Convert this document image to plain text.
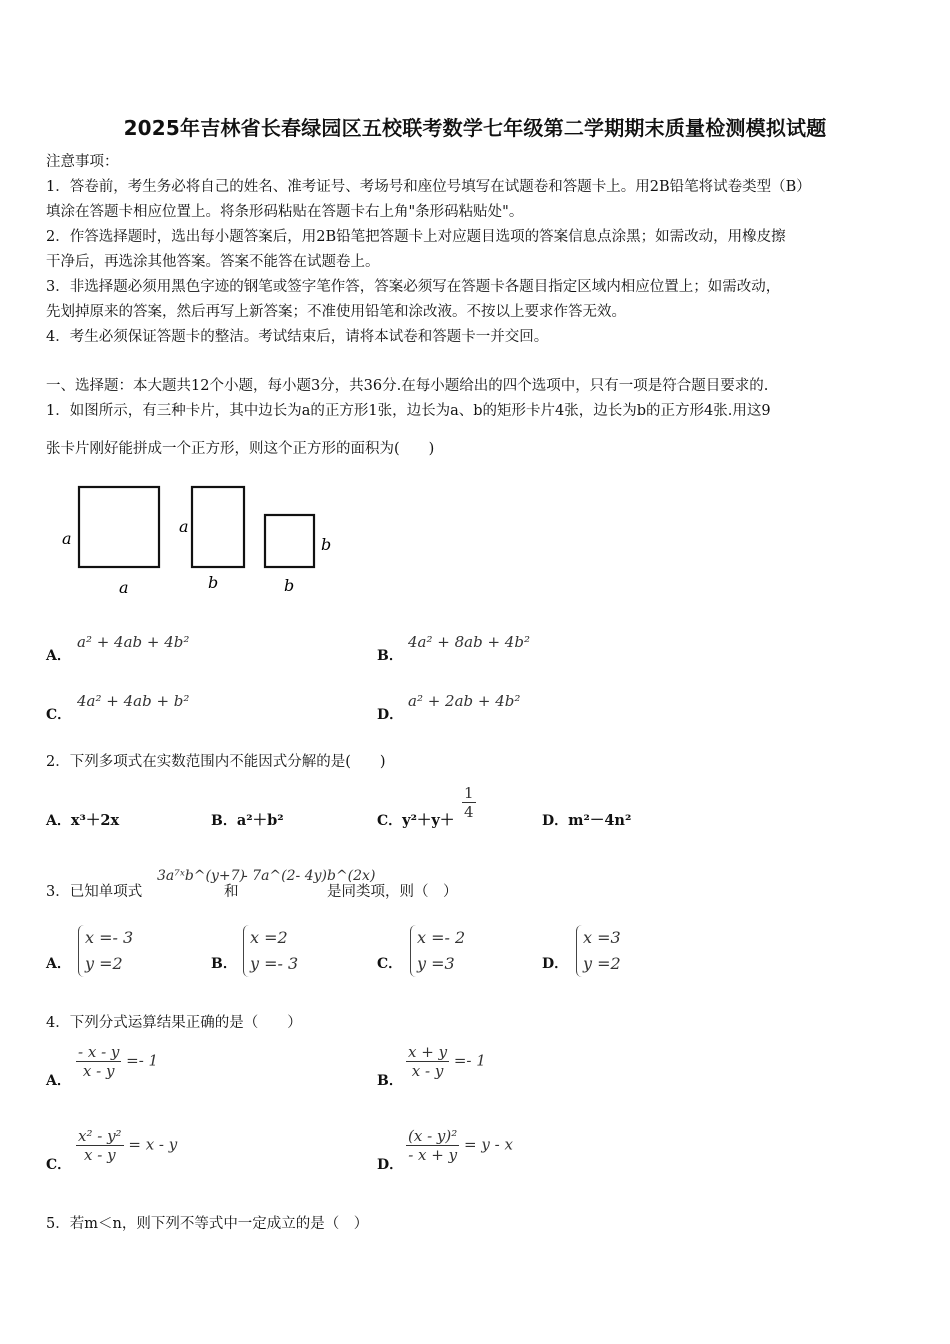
2025年吉林省长春绿园区五校联考数学七年级第二学期期末质量检测模拟试题
注意事项：
1．答卷前，考生务必将自己的姓名、准考证号、考场号和座位号填写在试题卷和答题卡上。用2B铅笔将试卷类型（B）
填涂在答题卡相应位置上。将条形码粘贴在答题卡右上角"条形码粘贴处"。
2．作答选择题时，选出每小题答案后，用2B铅笔把答题卡上对应题目选项的答案信息点涂黑；如需改动，用橡皮擦
干净后，再选涂其他答案。答案不能答在试题卷上。
3．非选择题必须用黑色字迹的钢笔或签字笔作答，答案必须写在答题卡各题目指定区域内相应位置上；如需改动，
先划掉原来的答案，然后再写上新答案；不准使用铅笔和涂改液。不按以上要求作答无效。
4．考生必须保证答题卡的整洁。考试结束后，请将本试卷和答题卡一并交回。
一、选择题：本大题共12个小题，每小题3分，共36分.在每小题给出的四个选项中，只有一项是符合题目要求的.
1．如图所示，有三种卡片，其中边长为a的正方形1张，边长为a、b的矩形卡片4张，边长为b的正方形4张.用这9
张卡片刚好能拼成一个正方形，则这个正方形的面积为(　　)
a
a
a
b
b
b
A．
a² + 4ab + 4b²
B．
4a² + 8ab + 4b²
C．
4a² + 4ab + b²
D．
a² + 2ab + 4b²
2．下列多项式在实数范围内不能因式分解的是(　　)
A．x³＋2x	B．a²＋b²	C．$y^2+y+ \frac{1}{4}$	D．m²－4n²
3．已知单项式
3a⁷ˣb^(y+7)
和
- 7a^(2- 4y)b^(2x)
是同类项，则（　）
A．
x =- 3
y =2	B．
x =2
y =- 3	C．
x =- 2
y =3	D．
x =3
y =2
4．下列分式运算结果正确的是（　　）
A．
$\frac{- x - y}{x - y} =- 1$
B．
$\frac{x + y}{x - y} =- 1$
C．
$\frac{\text{x² - y²}}{x - y} = x - y$
D．
$\frac{\text{(x - y)²}}{- x + y} = y - x$
5．若m＜n，则下列不等式中一定成立的是（　）
